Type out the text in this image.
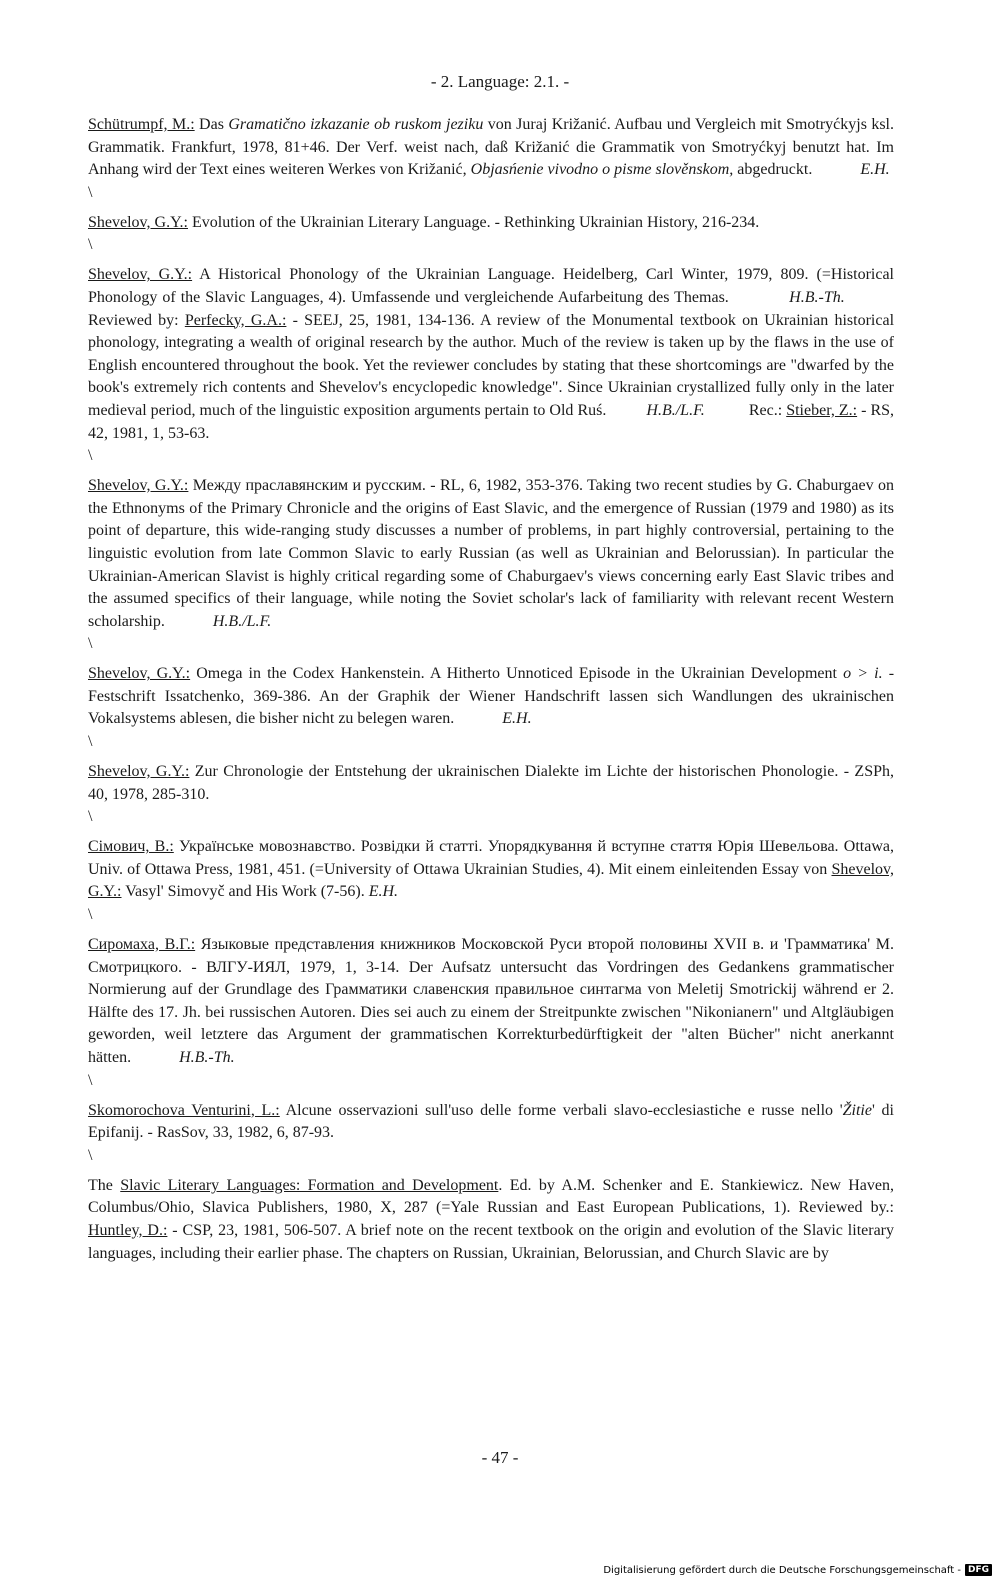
- 2. Language: 2.1. -

Schütrumpf, M.: Das Gramatično izkazanie ob ruskom jeziku von Juraj Križanić. Aufbau und Vergleich mit Smotryćkyjs ksl. Grammatik. Frankfurt, 1978, 81+46. Der Verf. weist nach, daß Križanić die Grammatik von Smotryćkyj benutzt hat. Im Anhang wird der Text eines weiteren Werkes von Križanić, Objasńenie vivodno o pisme slověnskom, abgedruckt.	E.H.

\

Shevelov, G.Y.: Evolution of the Ukrainian Literary Language. - Rethinking Ukrainian History, 216-234.

\

Shevelov, G.Y.: A Historical Phonology of the Ukrainian Language. Heidelberg, Carl Winter, 1979, 809. (=Historical Phonology of the Slavic Languages, 4). Umfassende und vergleichende Aufarbeitung des Themas.	H.B.-Th.           Reviewed by: Perfecky, G.A.: - SEEJ, 25, 1981, 134-136. A review of the Monumental textbook on Ukrainian historical phonology, integrating a wealth of original research by the author. Much of the review is taken up by the flaws in the use of English encountered throughout the book. Yet the reviewer concludes by stating that these shortcomings are "dwarfed by the book's extremely rich contents and Shevelov's encyclopedic knowledge". Since Ukrainian crystallized fully only in the later medieval period, much of the linguistic exposition arguments pertain to Old Ruś.	H.B./L.F.	Rec.: Stieber, Z.: - RS, 42, 1981, 1, 53-63.

\

Shevelov, G.Y.: Между праславянским и русским. - RL, 6, 1982, 353-376. Taking two recent studies by G. Chaburgaev on the Ethnonyms of the Primary Chronicle and the origins of East Slavic, and the emergence of Russian (1979 and 1980) as its point of departure, this wide-ranging study discusses a number of problems, in part highly controversial, pertaining to the linguistic evolution from late Common Slavic to early Russian (as well as Ukrainian and Belorussian). In particular the Ukrainian-American Slavist is highly critical regarding some of Chaburgaev's views concerning early East Slavic tribes and the assumed specifics of their language, while noting the Soviet scholar's lack of familiarity with relevant recent Western scholarship.	H.B./L.F.

\

Shevelov, G.Y.: Omega in the Codex Hankenstein. A Hitherto Unnoticed Episode in the Ukrainian Development o > i. - Festschrift Issatchenko, 369-386. An der Graphik der Wiener Handschrift lassen sich Wandlungen des ukrainischen Vokalsystems ablesen, die bisher nicht zu belegen waren.	E.H.

\

Shevelov, G.Y.: Zur Chronologie der Entstehung der ukrainischen Dialekte im Lichte der historischen Phonologie. - ZSPh, 40, 1978, 285-310.

\

Сімович, В.: Українське мовознавство. Розвідки й статті. Упорядкування й вступне стаття Юрія Шевельова. Ottawa, Univ. of Ottawa Press, 1981, 451. (=University of Ottawa Ukrainian Studies, 4). Mit einem einleitenden Essay von Shevelov, G.Y.: Vasyl' Simovyč and His Work (7-56). E.H.

\

Сиромаха, В.Г.: Языковые представления книжников Московской Руси второй половины XVII в. и 'Грамматика' М. Смотрицкого. - ВЛГУ-ИЯЛ, 1979, 1, 3-14. Der Aufsatz untersucht das Vordringen des Gedankens grammatischer Normierung auf der Grundlage des Грамматики славенския правильное синтагма von Meletij Smotrickij während er 2. Hälfte des 17. Jh. bei russischen Autoren. Dies sei auch zu einem der Streitpunkte zwischen "Nikonianern" und Altgläubigen geworden, weil letztere das Argument der grammatischen Korrekturbedürftigkeit der "alten Bücher" nicht anerkannt hätten.	H.B.-Th.

\

Skomorochova Venturini, L.: Alcune osservazioni sull'uso delle forme verbali slavo-ecclesiastiche e russe nello 'Žitie' di Epifanij. - RasSov, 33, 1982, 6, 87-93.

\

The Slavic Literary Languages: Formation and Development. Ed. by A.M. Schenker and E. Stankiewicz. New Haven, Columbus/Ohio, Slavica Publishers, 1980, X, 287 (=Yale Russian and East European Publications, 1). Reviewed by.: Huntley, D.: - CSP, 23, 1981, 506-507. A brief note on the recent textbook on the origin and evolution of the Slavic literary languages, including their earlier phase. The chapters on Russian, Ukrainian, Belorussian, and Church Slavic are by

- 47 -
Digitalisierung gefördert durch die Deutsche Forschungsgemeinschaft - DFG
